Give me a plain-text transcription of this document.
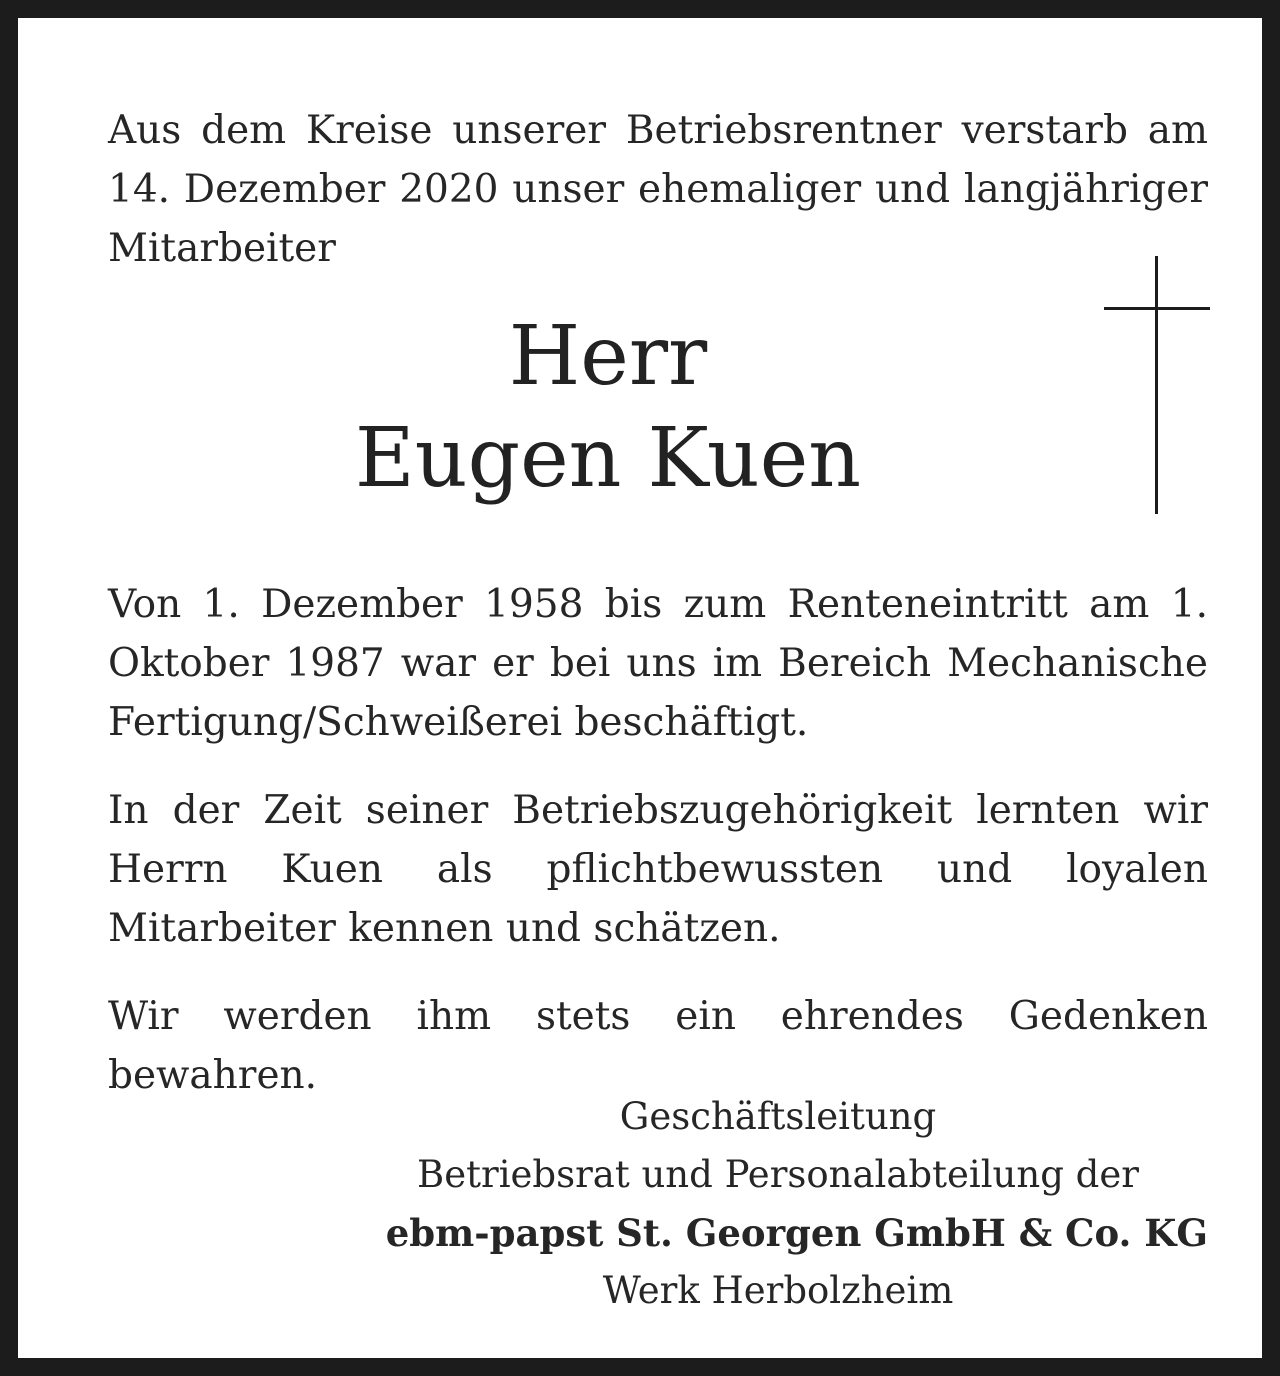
Aus dem Kreise unserer Betriebsrentner verstarb am 14. Dezember 2020 unser ehemaliger und langjähriger Mitarbeiter

Herr
Eugen Kuen

Von 1. Dezember 1958 bis zum Renteneintritt am 1. Oktober 1987 war er bei uns im Bereich Mechanische Fertigung/Schweißerei beschäftigt.

In der Zeit seiner Betriebszugehörigkeit lernten wir Herrn Kuen als pflichtbewussten und loyalen Mitarbeiter kennen und schätzen.

Wir werden ihm stets ein ehrendes Gedenken bewahren.

Geschäftsleitung

Betriebsrat und Personalabteilung der

ebm-papst St. Georgen GmbH & Co. KG

Werk Herbolzheim
